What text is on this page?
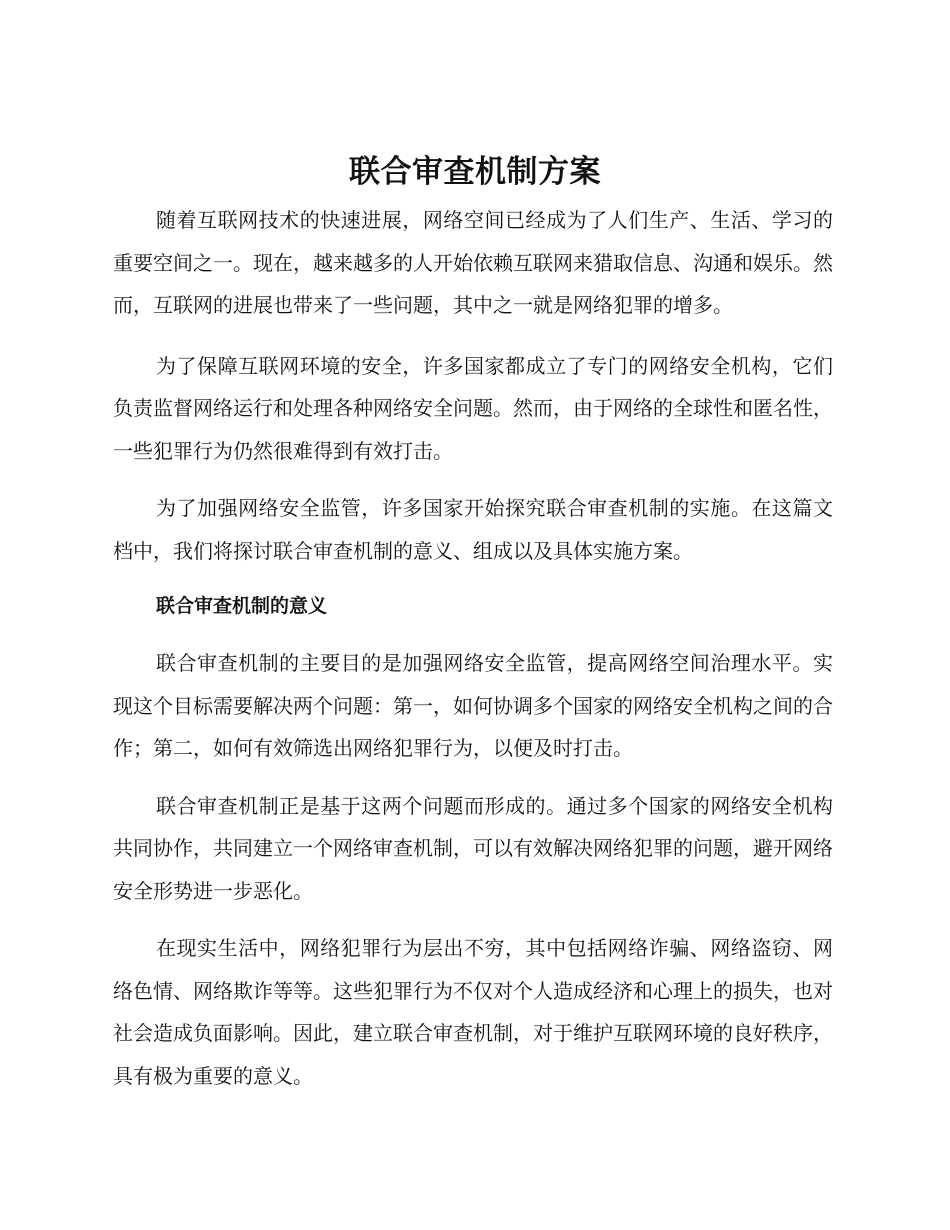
联合审查机制方案

随着互联网技术的快速进展，网络空间已经成为了人们生产、生活、学习的重要空间之一。现在，越来越多的人开始依赖互联网来猎取信息、沟通和娱乐。然而，互联网的进展也带来了一些问题，其中之一就是网络犯罪的增多。

为了保障互联网环境的安全，许多国家都成立了专门的网络安全机构，它们负责监督网络运行和处理各种网络安全问题。然而，由于网络的全球性和匿名性，一些犯罪行为仍然很难得到有效打击。

为了加强网络安全监管，许多国家开始探究联合审查机制的实施。在这篇文档中，我们将探讨联合审查机制的意义、组成以及具体实施方案。

联合审查机制的意义

联合审查机制的主要目的是加强网络安全监管，提高网络空间治理水平。实现这个目标需要解决两个问题：第一，如何协调多个国家的网络安全机构之间的合作；第二，如何有效筛选出网络犯罪行为，以便及时打击。

联合审查机制正是基于这两个问题而形成的。通过多个国家的网络安全机构共同协作，共同建立一个网络审查机制，可以有效解决网络犯罪的问题，避开网络安全形势进一步恶化。

在现实生活中，网络犯罪行为层出不穷，其中包括网络诈骗、网络盗窃、网络色情、网络欺诈等等。这些犯罪行为不仅对个人造成经济和心理上的损失，也对社会造成负面影响。因此，建立联合审查机制，对于维护互联网环境的良好秩序，具有极为重要的意义。
